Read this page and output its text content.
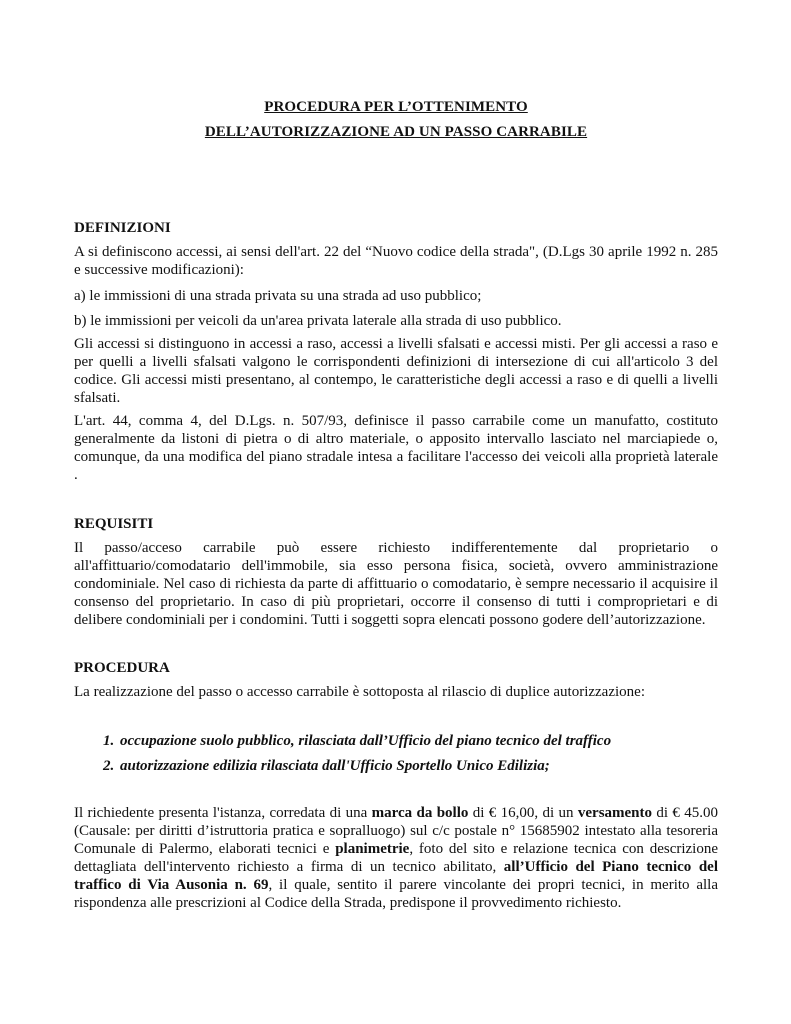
PROCEDURA PER L’OTTENIMENTO
DELL’AUTORIZZAZIONE AD UN PASSO CARRABILE
DEFINIZIONI

A si definiscono accessi, ai sensi dell'art. 22 del “Nuovo codice della strada", (D.Lgs 30 aprile 1992 n. 285 e successive modificazioni):

a) le immissioni di una strada privata su una strada ad uso pubblico;

b) le immissioni per veicoli da un'area privata laterale alla strada di uso pubblico.

Gli accessi si distinguono in accessi a raso, accessi a livelli sfalsati e accessi misti. Per gli accessi a raso e per quelli a livelli sfalsati valgono le corrispondenti definizioni di intersezione di cui all'articolo 3 del codice. Gli accessi misti presentano, al contempo, le caratteristiche degli accessi a raso e di quelli a livelli sfalsati.

L'art. 44, comma 4, del D.Lgs. n. 507/93, definisce il passo carrabile come un manufatto, costituto generalmente da listoni di pietra o di altro materiale, o apposito intervallo lasciato nel marciapiede o, comunque, da una modifica del piano stradale intesa a facilitare l'accesso dei veicoli alla proprietà laterale .

REQUISITI

Il passo/acceso carrabile può essere richiesto indifferentemente dal proprietario o all'affittuario/comodatario dell'immobile, sia esso persona fisica, società, ovvero amministrazione condominiale. Nel caso di richiesta da parte di affittuario o comodatario, è sempre necessario il acquisire il consenso del proprietario. In caso di più proprietari, occorre il consenso di tutti i comproprietari e di delibere condominiali per i condomini. Tutti i soggetti sopra elencati possono godere dell’autorizzazione.

PROCEDURA

La realizzazione del passo o accesso carrabile è sottoposta al rilascio di duplice autorizzazione:

1. occupazione suolo pubblico, rilasciata dall’Ufficio del piano tecnico del traffico
2. autorizzazione edilizia rilasciata dall'Ufficio Sportello Unico Edilizia;

Il richiedente presenta l'istanza, corredata di una marca da bollo di € 16,00, di un versamento di € 45.00 (Causale: per diritti d’istruttoria pratica e sopralluogo) sul c/c postale n° 15685902 intestato alla tesoreria Comunale di Palermo, elaborati tecnici e planimetrie, foto del sito e relazione tecnica con descrizione dettagliata dell'intervento richiesto a firma di un tecnico abilitato, all’Ufficio del Piano tecnico del traffico di Via Ausonia n. 69, il quale, sentito il parere vincolante dei propri tecnici, in merito alla rispondenza alle prescrizioni al Codice della Strada, predispone il provvedimento richiesto.
